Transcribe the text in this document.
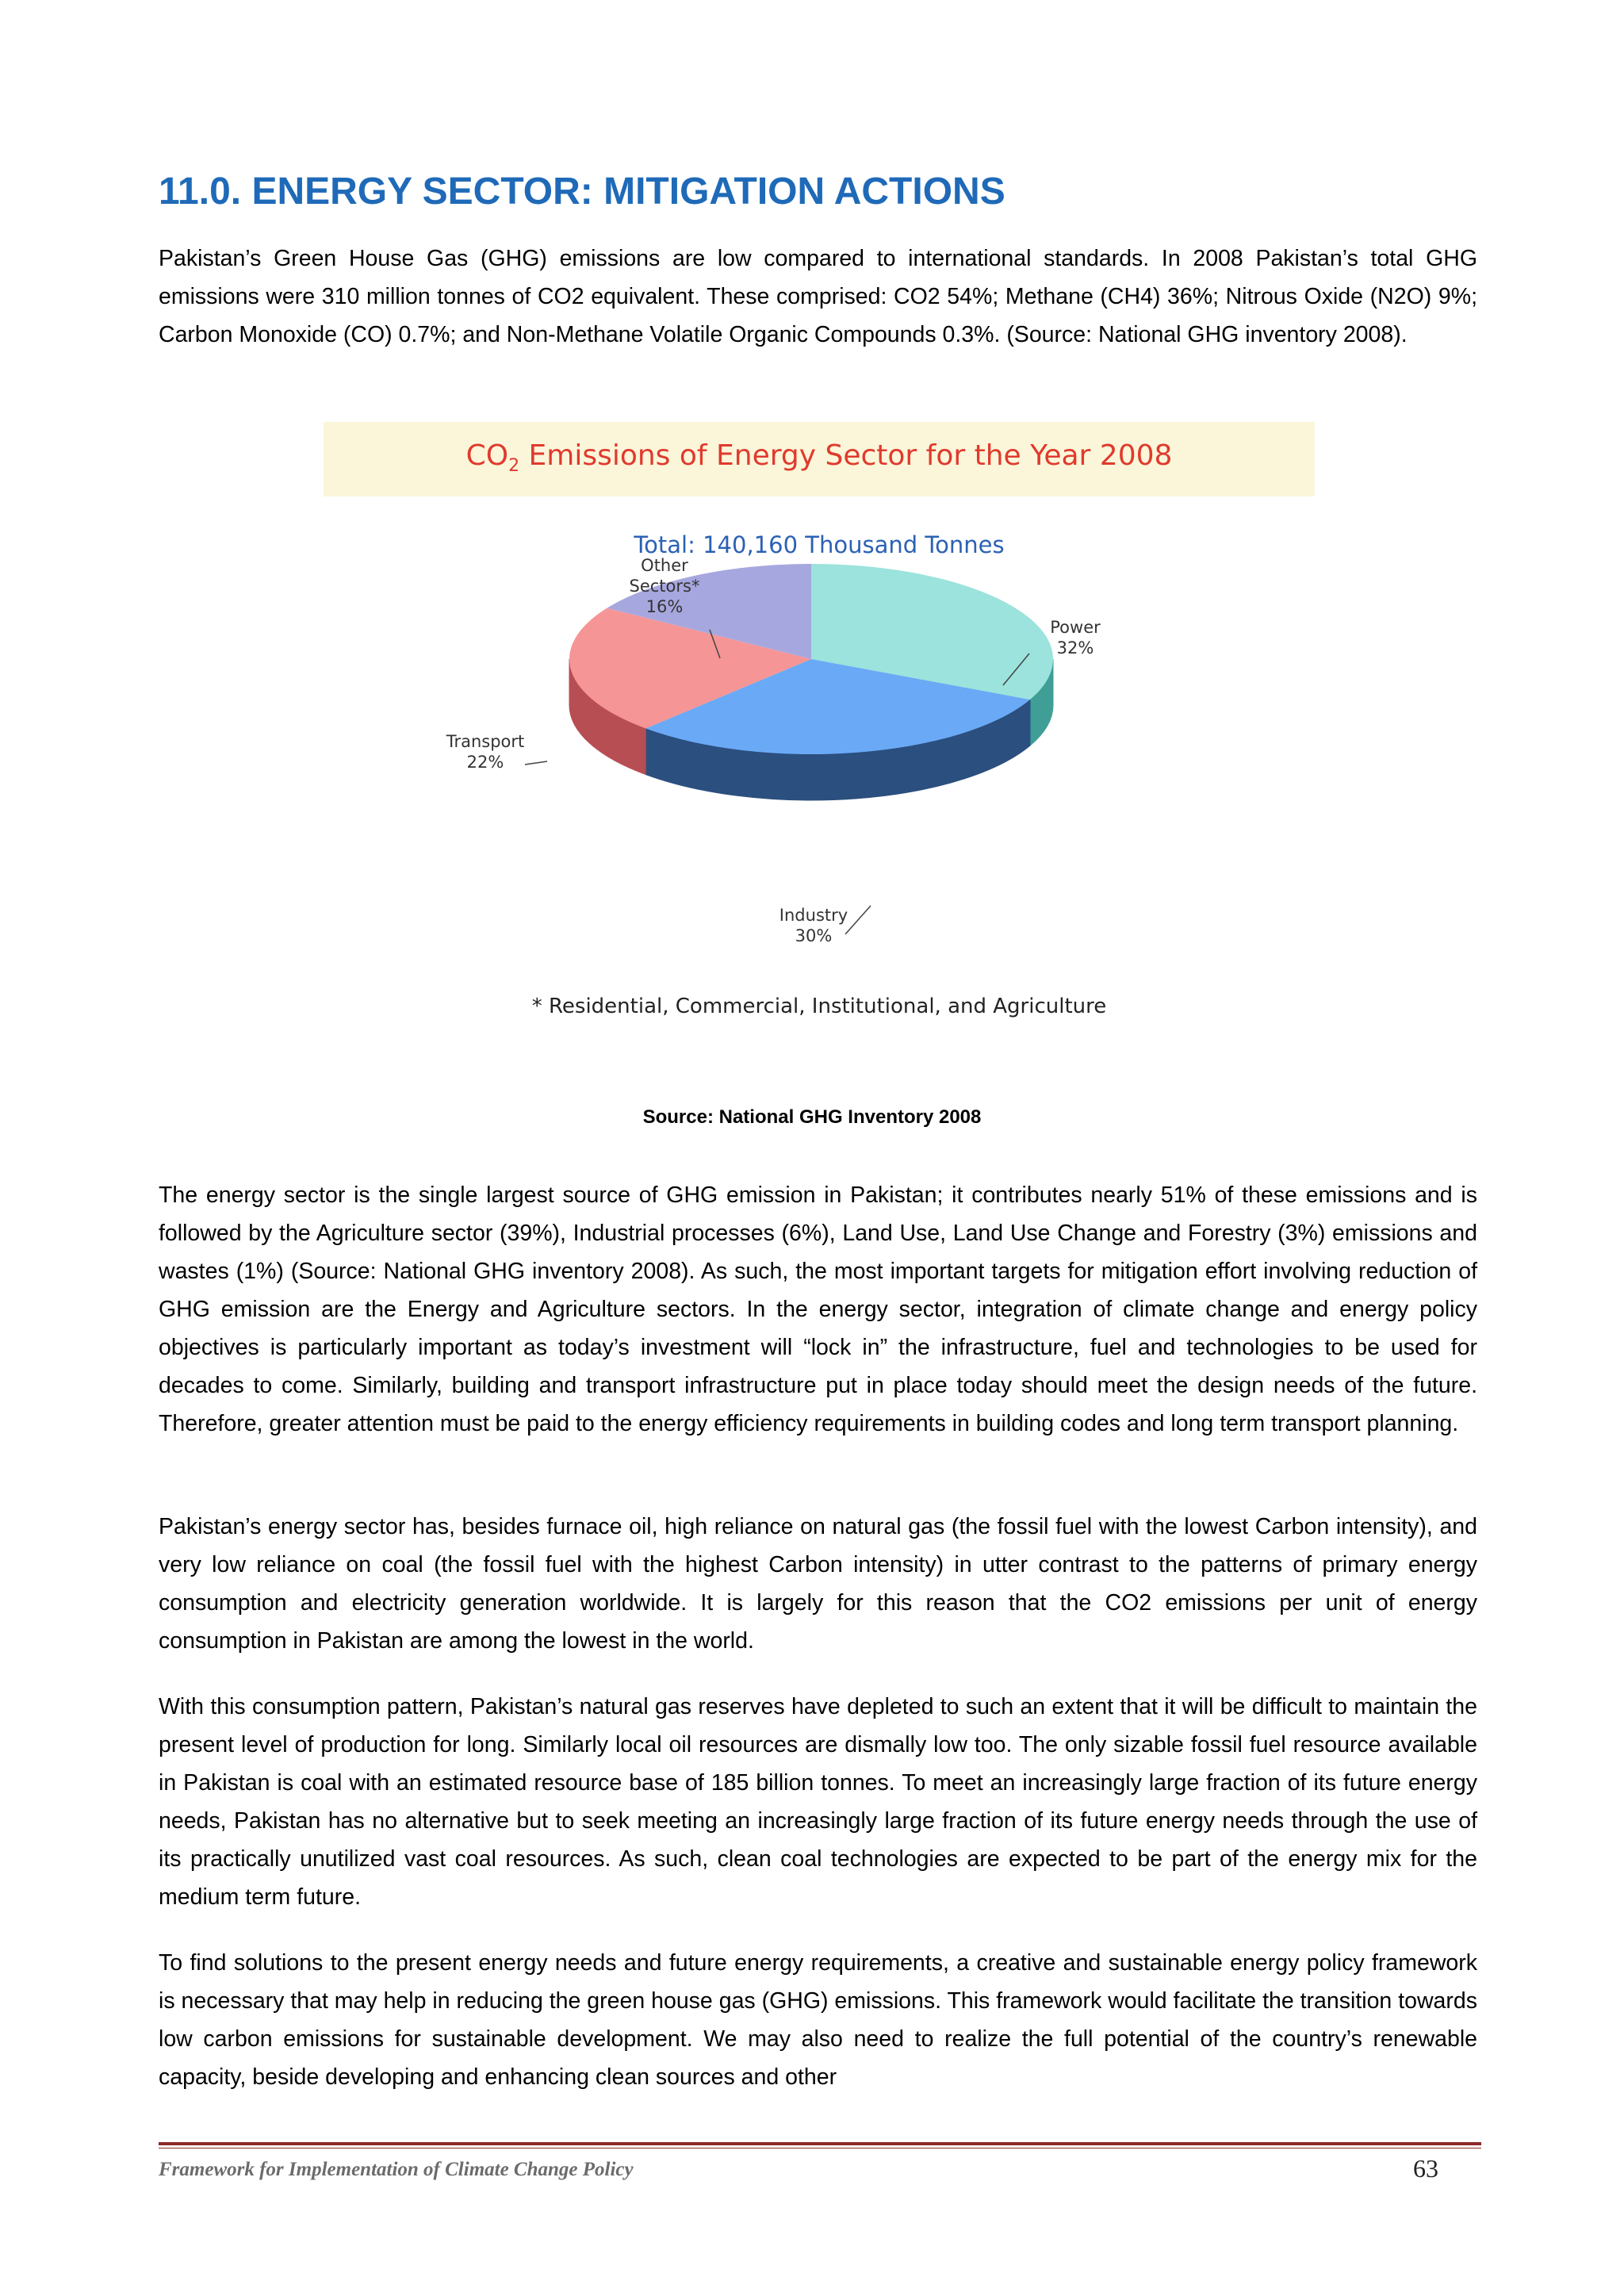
11.0. ENERGY SECTOR: MITIGATION ACTIONS

Pakistan’s Green House Gas (GHG) emissions are low compared to international standards. In 2008 Pakistan’s total GHG emissions were 310 million tonnes of CO2 equivalent. These comprised: CO2 54%; Methane (CH4) 36%; Nitrous Oxide (N2O) 9%; Carbon Monoxide (CO) 0.7%; and Non-Methane Volatile Organic Compounds 0.3%. (Source: National GHG inventory 2008).

$CO_2$ Emissions of Energy Sector for the Year 2008
Total: 140,160 Thousand Tonnes
Power
32%
Industry
30%
Transport
22%
Other
Sectors*
16%
* Residential, Commercial, Institutional, and Agriculture
Source: National GHG Inventory 2008

The energy sector is the single largest source of GHG emission in Pakistan; it contributes nearly 51% of these emissions and is followed by the Agriculture sector (39%), Industrial processes (6%), Land Use, Land Use Change and Forestry (3%) emissions and wastes (1%) (Source: National GHG inventory 2008). As such, the most important targets for mitigation effort involving reduction of GHG emission are the Energy and Agriculture sectors. In the energy sector, integration of climate change and energy policy objectives is particularly important as today’s investment will “lock in” the infrastructure, fuel and technologies to be used for decades to come. Similarly, building and transport infrastructure put in place today should meet the design needs of the future. Therefore, greater attention must be paid to the energy efficiency requirements in building codes and long term transport planning.

Pakistan’s energy sector has, besides furnace oil, high reliance on natural gas (the fossil fuel with the lowest Carbon intensity), and very low reliance on coal (the fossil fuel with the highest Carbon intensity) in utter contrast to the patterns of primary energy consumption and electricity generation worldwide. It is largely for this reason that the CO2 emissions per unit of energy consumption in Pakistan are among the lowest in the world.

With this consumption pattern, Pakistan’s natural gas reserves have depleted to such an extent that it will be difficult to maintain the present level of production for long. Similarly local oil resources are dismally low too. The only sizable fossil fuel resource available in Pakistan is coal with an estimated resource base of 185 billion tonnes. To meet an increasingly large fraction of its future energy needs, Pakistan has no alternative but to seek meeting an increasingly large fraction of its future energy needs through the use of its practically unutilized vast coal resources. As such, clean coal technologies are expected to be part of the energy mix for the medium term future.

To find solutions to the present energy needs and future energy requirements, a creative and sustainable energy policy framework is necessary that may help in reducing the green house gas (GHG) emissions. This framework would facilitate the transition towards low carbon emissions for sustainable development. We may also need to realize the full potential of the country’s renewable capacity, beside developing and enhancing clean sources and other

Framework for Implementation of Climate Change Policy	63
